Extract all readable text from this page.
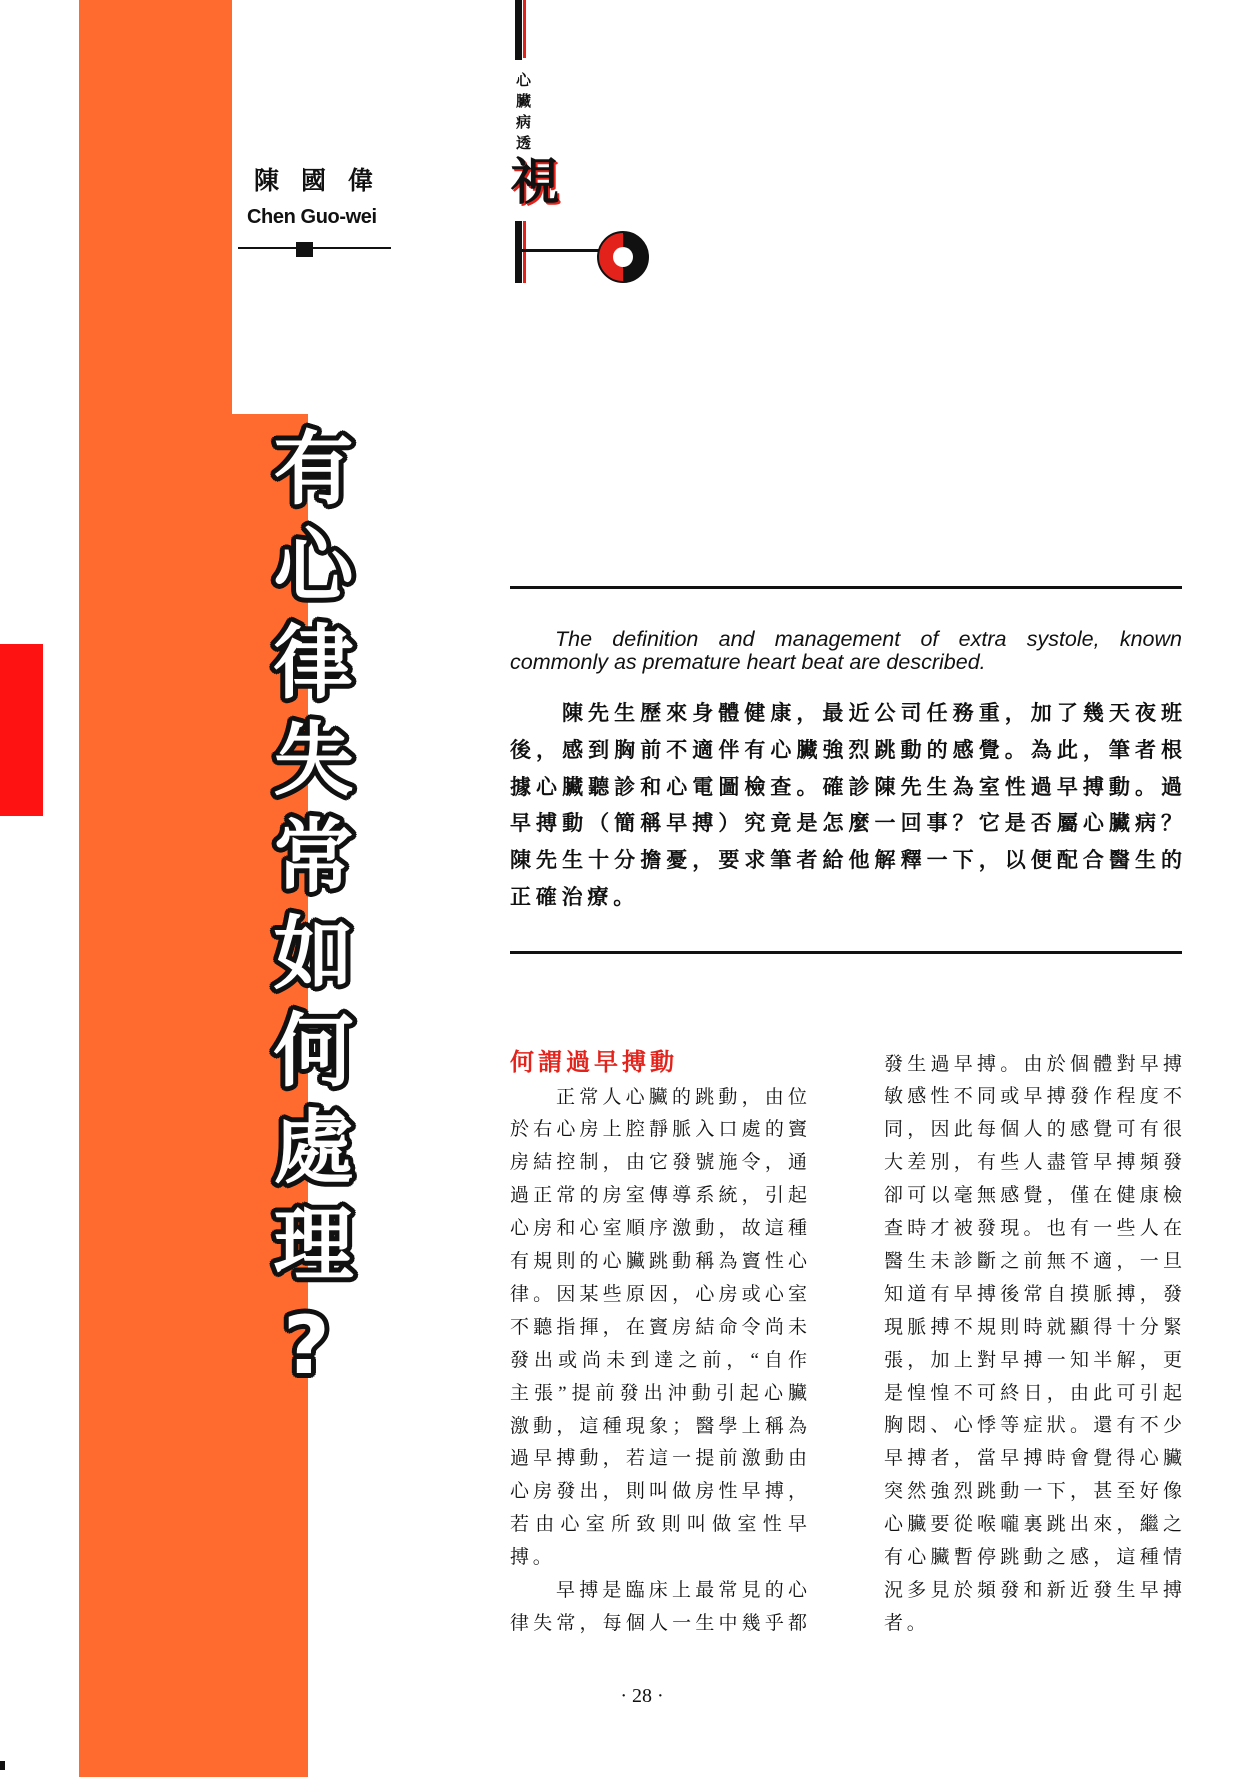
陳國偉
Chen Guo-wei
心臟病透
視
有心律失常如何處理?	The definition and management of extra systole, known
commonly as premature heart beat are described.
陳先生歷來身體健康，最近公司任務重，加了幾天夜班
後，感到胸前不適伴有心臟強烈跳動的感覺。為此，筆者根
據心臟聽診和心電圖檢查。確診陳先生為室性過早搏動。過
早搏動（簡稱早搏）究竟是怎麼一回事？它是否屬心臟病？
陳先生十分擔憂，要求筆者給他解釋一下，以便配合醫生的
正確治療。
何謂過早搏動
正常人心臟的跳動，由位
於右心房上腔靜脈入口處的竇
房結控制，由它發號施令，通
過正常的房室傳導系統，引起
心房和心室順序激動，故這種
有規則的心臟跳動稱為竇性心
律。因某些原因，心房或心室
不聽指揮，在竇房結命令尚未
發出或尚未到達之前，“自作
主張”提前發出沖動引起心臟
激動，這種現象；醫學上稱為
過早搏動，若這一提前激動由
心房發出，則叫做房性早搏，
若由心室所致則叫做室性早
搏。
早搏是臨床上最常見的心
律失常，每個人一生中幾乎都
發生過早搏。由於個體對早搏
敏感性不同或早搏發作程度不
同，因此每個人的感覺可有很
大差別，有些人盡管早搏頻發
卻可以毫無感覺，僅在健康檢
查時才被發現。也有一些人在
醫生未診斷之前無不適，一旦
知道有早搏後常自摸脈搏，發
現脈搏不規則時就顯得十分緊
張，加上對早搏一知半解，更
是惶惶不可終日，由此可引起
胸悶、心悸等症狀。還有不少
早搏者，當早搏時會覺得心臟
突然強烈跳動一下，甚至好像
心臟要從喉嚨裏跳出來，繼之
有心臟暫停跳動之感，這種情
況多見於頻發和新近發生早搏
者。
· 28 ·
